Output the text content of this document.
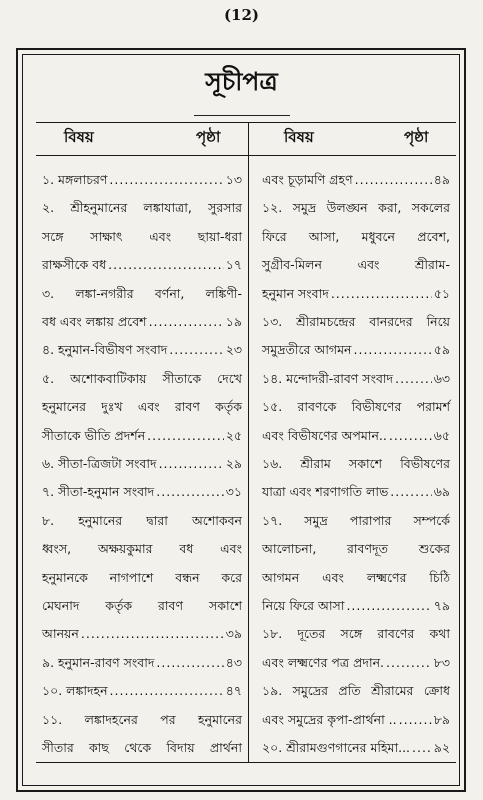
(12)
সূচীপত্র
বিষয়	পৃষ্ঠা	বিষয়	পৃষ্ঠা
১. মঙ্গলাচরণ .....	১৩
২. শ্রীহনুমানের লঙ্কাযাত্রা, সুরসার
সঙ্গে সাক্ষাৎ এবং ছায়া-ধরা
রাক্ষসীকে বধ .....	১৭
৩. লঙ্কা-নগরীর বর্ণনা, লঙ্কিণী-
বধ এবং লঙ্কায় প্রবেশ .....	১৯
৪. হনুমান-বিভীষণ সংবাদ .....	২৩
৫. অশোকবাটিকায় সীতাকে দেখে
হনুমানের দুঃখ এবং রাবণ কর্তৃক
সীতাকে ভীতি প্রদর্শন .....	২৫
৬. সীতা-ত্রিজটা সংবাদ .....	২৯
৭. সীতা-হনুমান সংবাদ .....	৩১
৮. হনুমানের দ্বারা অশোকবন
ধ্বংস, অক্ষয়কুমার বধ এবং
হনুমানকে নাগপাশে বন্ধন করে
মেঘনাদ কর্তৃক রাবণ সকাশে
আনয়ন .....	৩৯
৯. হনুমান-রাবণ সংবাদ .....	৪৩
১০. লঙ্কাদহন .....	৪৭
১১. লঙ্কাদহনের পর হনুমানের
সীতার কাছ থেকে বিদায় প্রার্থনা
এবং চূড়ামণি গ্রহণ .....	৪৯
১২. সমুদ্র উলঙ্ঘন করা, সকলের
ফিরে আসা, মধুবনে প্রবেশ,
সুগ্রীব-মিলন এবং শ্রীরাম-
হনুমান সংবাদ .....	৫১
১৩. শ্রীরামচন্দ্রের বানরদের নিয়ে
সমুদ্রতীরে আগমন .....	৫৯
১৪. মন্দোদরী-রাবণ সংবাদ .....	৬৩
১৫. রাবণকে বিভীষণের পরামর্শ
এবং বিভীষণের অপমান.. .....	৬৫
১৬. শ্রীরাম সকাশে বিভীষণের
যাত্রা এবং শরণাগতি লাভ .....	৬৯
১৭. সমুদ্র পারাপার সম্পর্কে
আলোচনা, রাবণদূত শুকের
আগমন এবং লক্ষ্মণের চিঠি
নিয়ে ফিরে আসা .....	৭৯
১৮. দূতের সঙ্গে রাবণের কথা
এবং লক্ষ্মণের পত্র প্রদান. .....	৮৩
১৯. সমুদ্রের প্রতি শ্রীরামের ক্রোধ
এবং সমুদ্রের কৃপা-প্রার্থনা .. .....	৮৯
২০. শ্রীরামগুণগানের মহিমা... ..... ৯২
